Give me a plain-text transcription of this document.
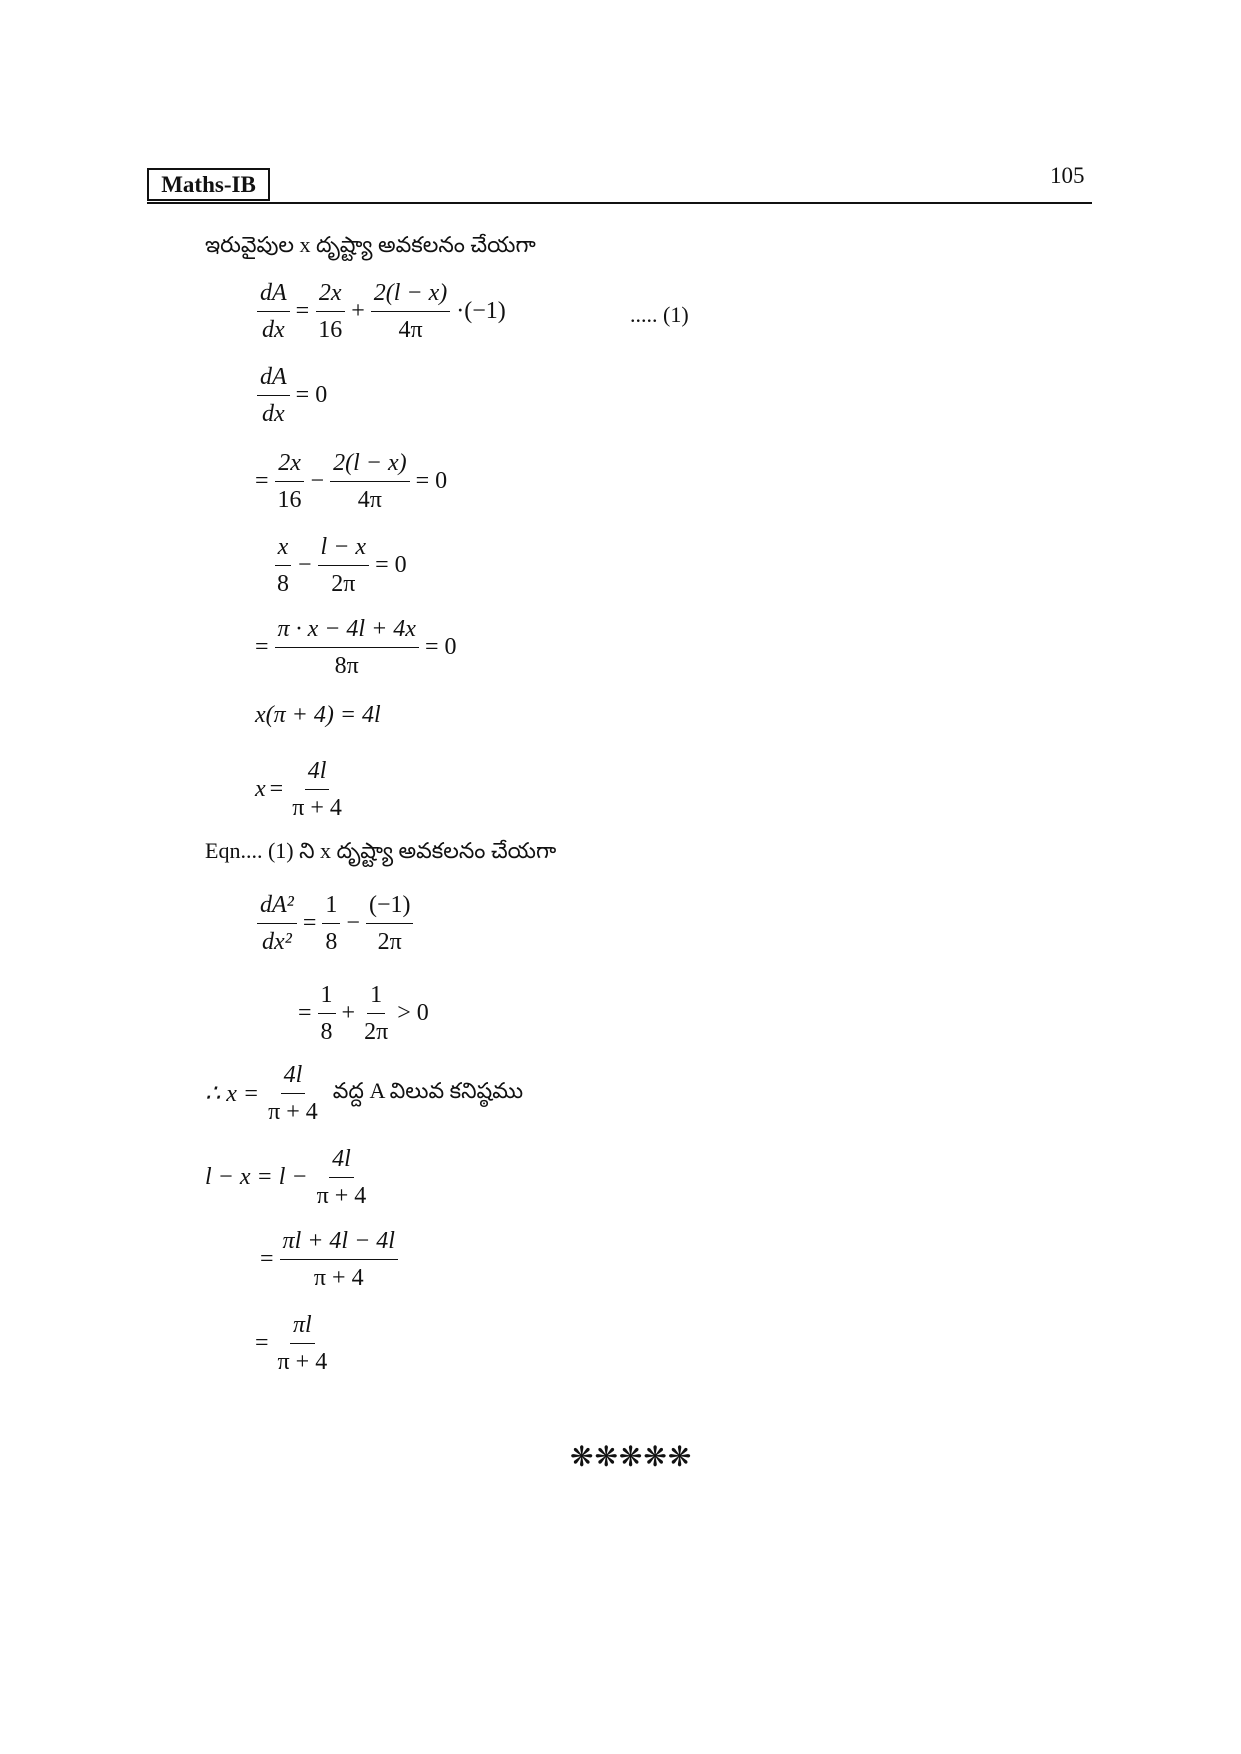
Maths-IB	105
ఇరువైపుల x దృష్ట్యా అవకలనం చేయగా
$\frac{dA}{dx} = \frac{2x}{16} + \frac{2(l - x)}{4\pi} \cdot(-1)$	..... (1)
$\frac{dA}{dx} = 0$
= $\frac{2x}{16} - \frac{2(l - x)}{4\pi} = 0$
$\frac{x}{8} - \frac{l - x}{2\pi} = 0$
= $\frac{\pi \cdot x - 4l + 4x}{8\pi} = 0$
x(π + 4) = 4l
$x = \frac{4l}{\pi + 4}$
Eqn.... (1) ని x దృష్ట్యా అవకలనం చేయగా
$\frac{\text{dA²}}{\text{dx²}} = \frac{1}{8} - \frac{(-1)}{2\pi}$
= $\frac{1}{8} + \frac{1}{2\pi} > 0$
∴ $x = \frac{4l}{\pi + 4}$ వద్ద A విలువ కనిష్ఠము
$l - x = l - \frac{4l}{\pi + 4}$
= $\frac{\pi l + 4l - 4l}{\pi + 4}$
= $\frac{\pi l}{\pi + 4}$
❋❋❋❋❋
